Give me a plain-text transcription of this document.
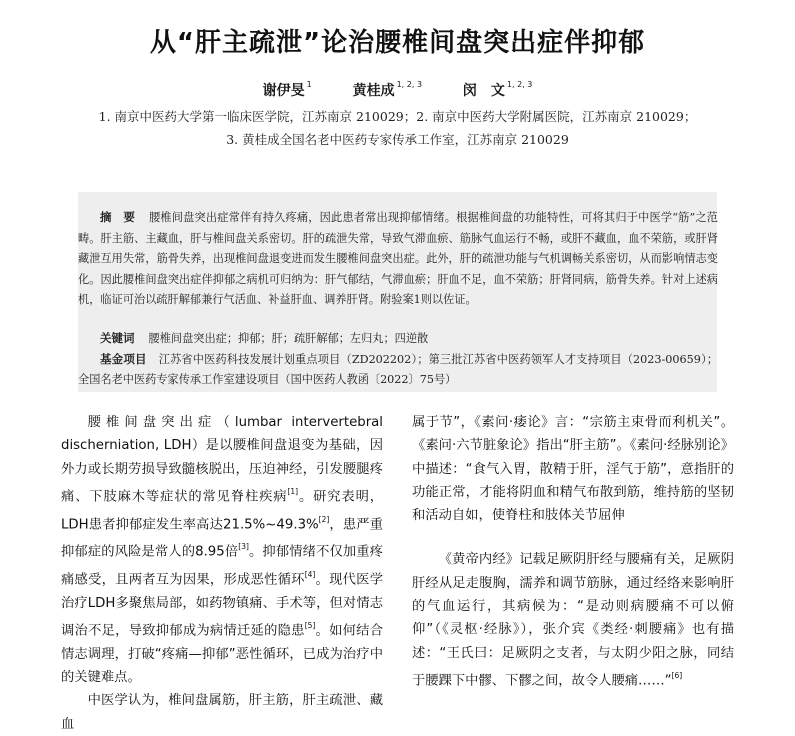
从“肝主疏泄”论治腰椎间盘突出症伴抑郁
谢伊旻 $^1$	黄桂成 $^{1, 2, 3}$	闵　文 $^{1, 2, 3}$
1. 南京中医药大学第一临床医学院，江苏南京 210029；2. 南京中医药大学附属医院，江苏南京 210029；
3. 黄桂成全国名老中医药专家传承工作室，江苏南京 210029
摘　要 腰椎间盘突出症常伴有持久疼痛，因此患者常出现抑郁情绪。根据椎间盘的功能特性，可将其归于中医学“筋”之范畴。肝主筋、主藏血，肝与椎间盘关系密切。肝的疏泄失常，导致气滞血瘀、筋脉气血运行不畅，或肝不藏血，血不荣筋，或肝肾藏泄互用失常，筋骨失养，出现椎间盘退变进而发生腰椎间盘突出症。此外，肝的疏泄功能与气机调畅关系密切，从而影响情志变化。因此腰椎间盘突出症伴抑郁之病机可归纳为：肝气郁结，气滞血瘀；肝血不足，血不荣筋；肝肾同病，筋骨失养。针对上述病机，临证可治以疏肝解郁兼行气活血、补益肝血、调养肝肾。附验案1则以佐证。
关键词 腰椎间盘突出症；抑郁；肝；疏肝解郁；左归丸；四逆散
基金项目 江苏省中医药科技发展计划重点项目（ZD202202）；第三批江苏省中医药领军人才支持项目（2023-00659）；全国名老中医药专家传承工作室建设项目（国中医药人教函〔2022〕75号）

腰椎间盘突出症（lumbar intervertebral discherniation, LDH）是以腰椎间盘退变为基础，因外力或长期劳损导致髓核脱出，压迫神经，引发腰腿疼痛、下肢麻木等症状的常见脊柱疾病[1]。研究表明，LDH患者抑郁症发生率高达21.5%~49.3%[2]，患严重抑郁症的风险是常人的8.95倍[3]。抑郁情绪不仅加重疼痛感受，且两者互为因果，形成恶性循环[4]。现代医学治疗LDH多聚焦局部，如药物镇痛、手术等，但对情志调治不足，导致抑郁成为病情迁延的隐患[5]。如何结合情志调理，打破“疼痛—抑郁”恶性循环，已成为治疗中的关键难点。

中医学认为，椎间盘属筋，肝主筋，肝主疏泄、藏血

属于节”，《素问·痿论》言：“宗筋主束骨而利机关”。《素问·六节脏象论》指出“肝主筋”。《素问·经脉别论》中描述：“食气入胃，散精于肝，淫气于筋”，意指肝的功能正常，才能将阴血和精气布散到筋，维持筋的坚韧和活动自如，使脊柱和肢体关节屈伸

《黄帝内经》记载足厥阴肝经与腰痛有关，足厥阴肝经从足走腹胸，濡养和调节筋脉，通过经络来影响肝的气血运行，其病候为：“是动则病腰痛不可以俯仰”（《灵枢·经脉》），张介宾《类经·刺腰痛》也有描述：“王氏曰：足厥阴之支者，与太阴少阳之脉，同结于腰踝下中髎、下髎之间，故令人腰痛……”[6]
